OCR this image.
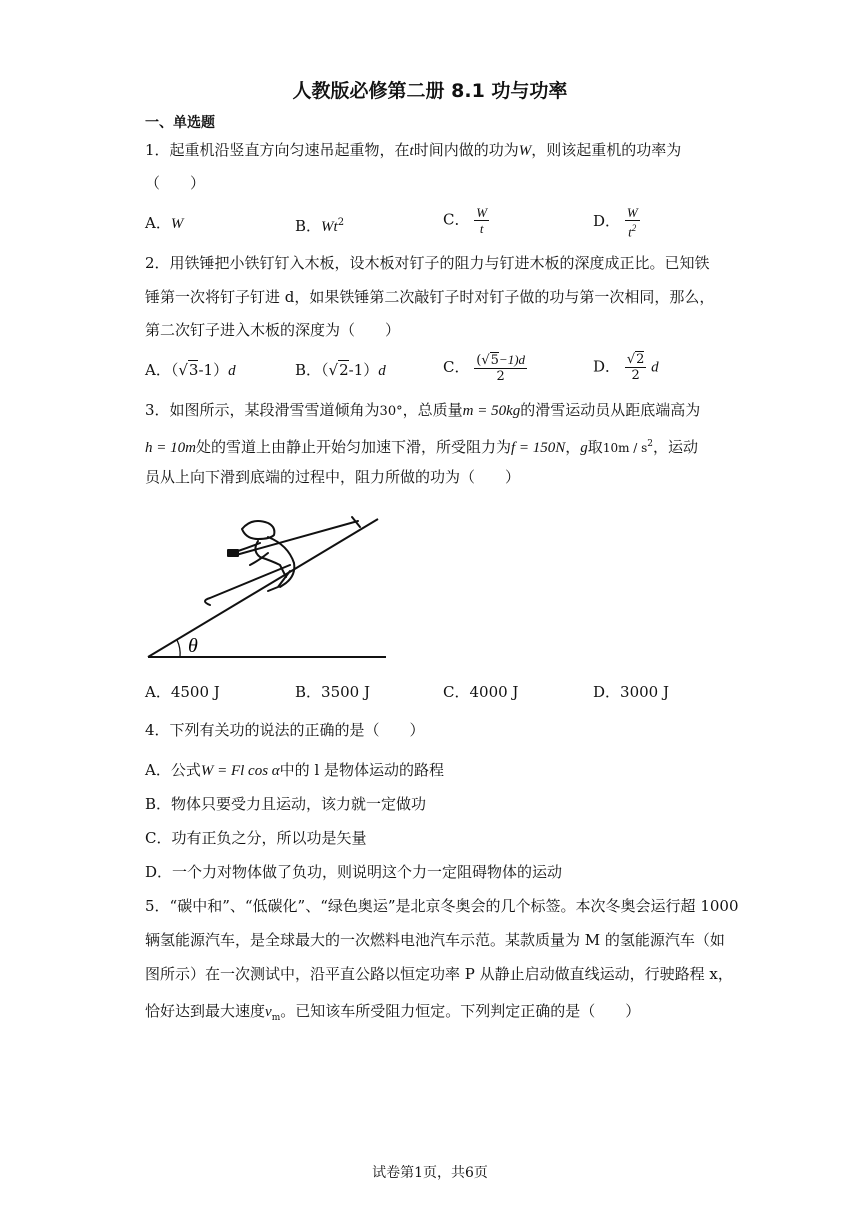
人教版必修第二册 8.1 功与功率
一、单选题
1．起重机沿竖直方向匀速吊起重物，在t时间内做的功为W，则该起重机的功率为
（　　）
A．W	B．Wt$^2$	C． $\frac{W}{t}$	D． $\frac{W}{t^2}$
2．用铁锤把小铁钉钉入木板，设木板对钉子的阻力与钉进木板的深度成正比。已知铁
锤第一次将钉子钉进 d，如果铁锤第二次敲钉子时对钉子做的功与第一次相同，那么，
第二次钉子进入木板的深度为（　　）
A．（√3-1）d	B．（√2-1）d	C． $\frac{(√5-1)d}{2}$	D． $\frac{√2}{2}$ d
3．如图所示，某段滑雪雪道倾角为30°，总质量m = 50kg的滑雪运动员从距底端高为
h = 10m处的雪道上由静止开始匀加速下滑，所受阻力为f = 150N，g取$10m / s^2$，运动
员从上向下滑到底端的过程中，阻力所做的功为（　　）
θ
A．4500 J	B．3500 J	C．4000 J	D．3000 J
4．下列有关功的说法的正确的是（　　）
A．公式W = Fl cos α中的 l 是物体运动的路程
B．物体只要受力且运动，该力就一定做功
C．功有正负之分，所以功是矢量
D．一个力对物体做了负功，则说明这个力一定阻碍物体的运动
5．“碳中和”、“低碳化”、“绿色奥运”是北京冬奥会的几个标签。本次冬奥会运行超 1000
辆氢能源汽车，是全球最大的一次燃料电池汽车示范。某款质量为 M 的氢能源汽车（如
图所示）在一次测试中，沿平直公路以恒定功率 P 从静止启动做直线运动，行驶路程 x，
恰好达到最大速度$v_m$。已知该车所受阻力恒定。下列判定正确的是（　　）
试卷第1页，共6页
